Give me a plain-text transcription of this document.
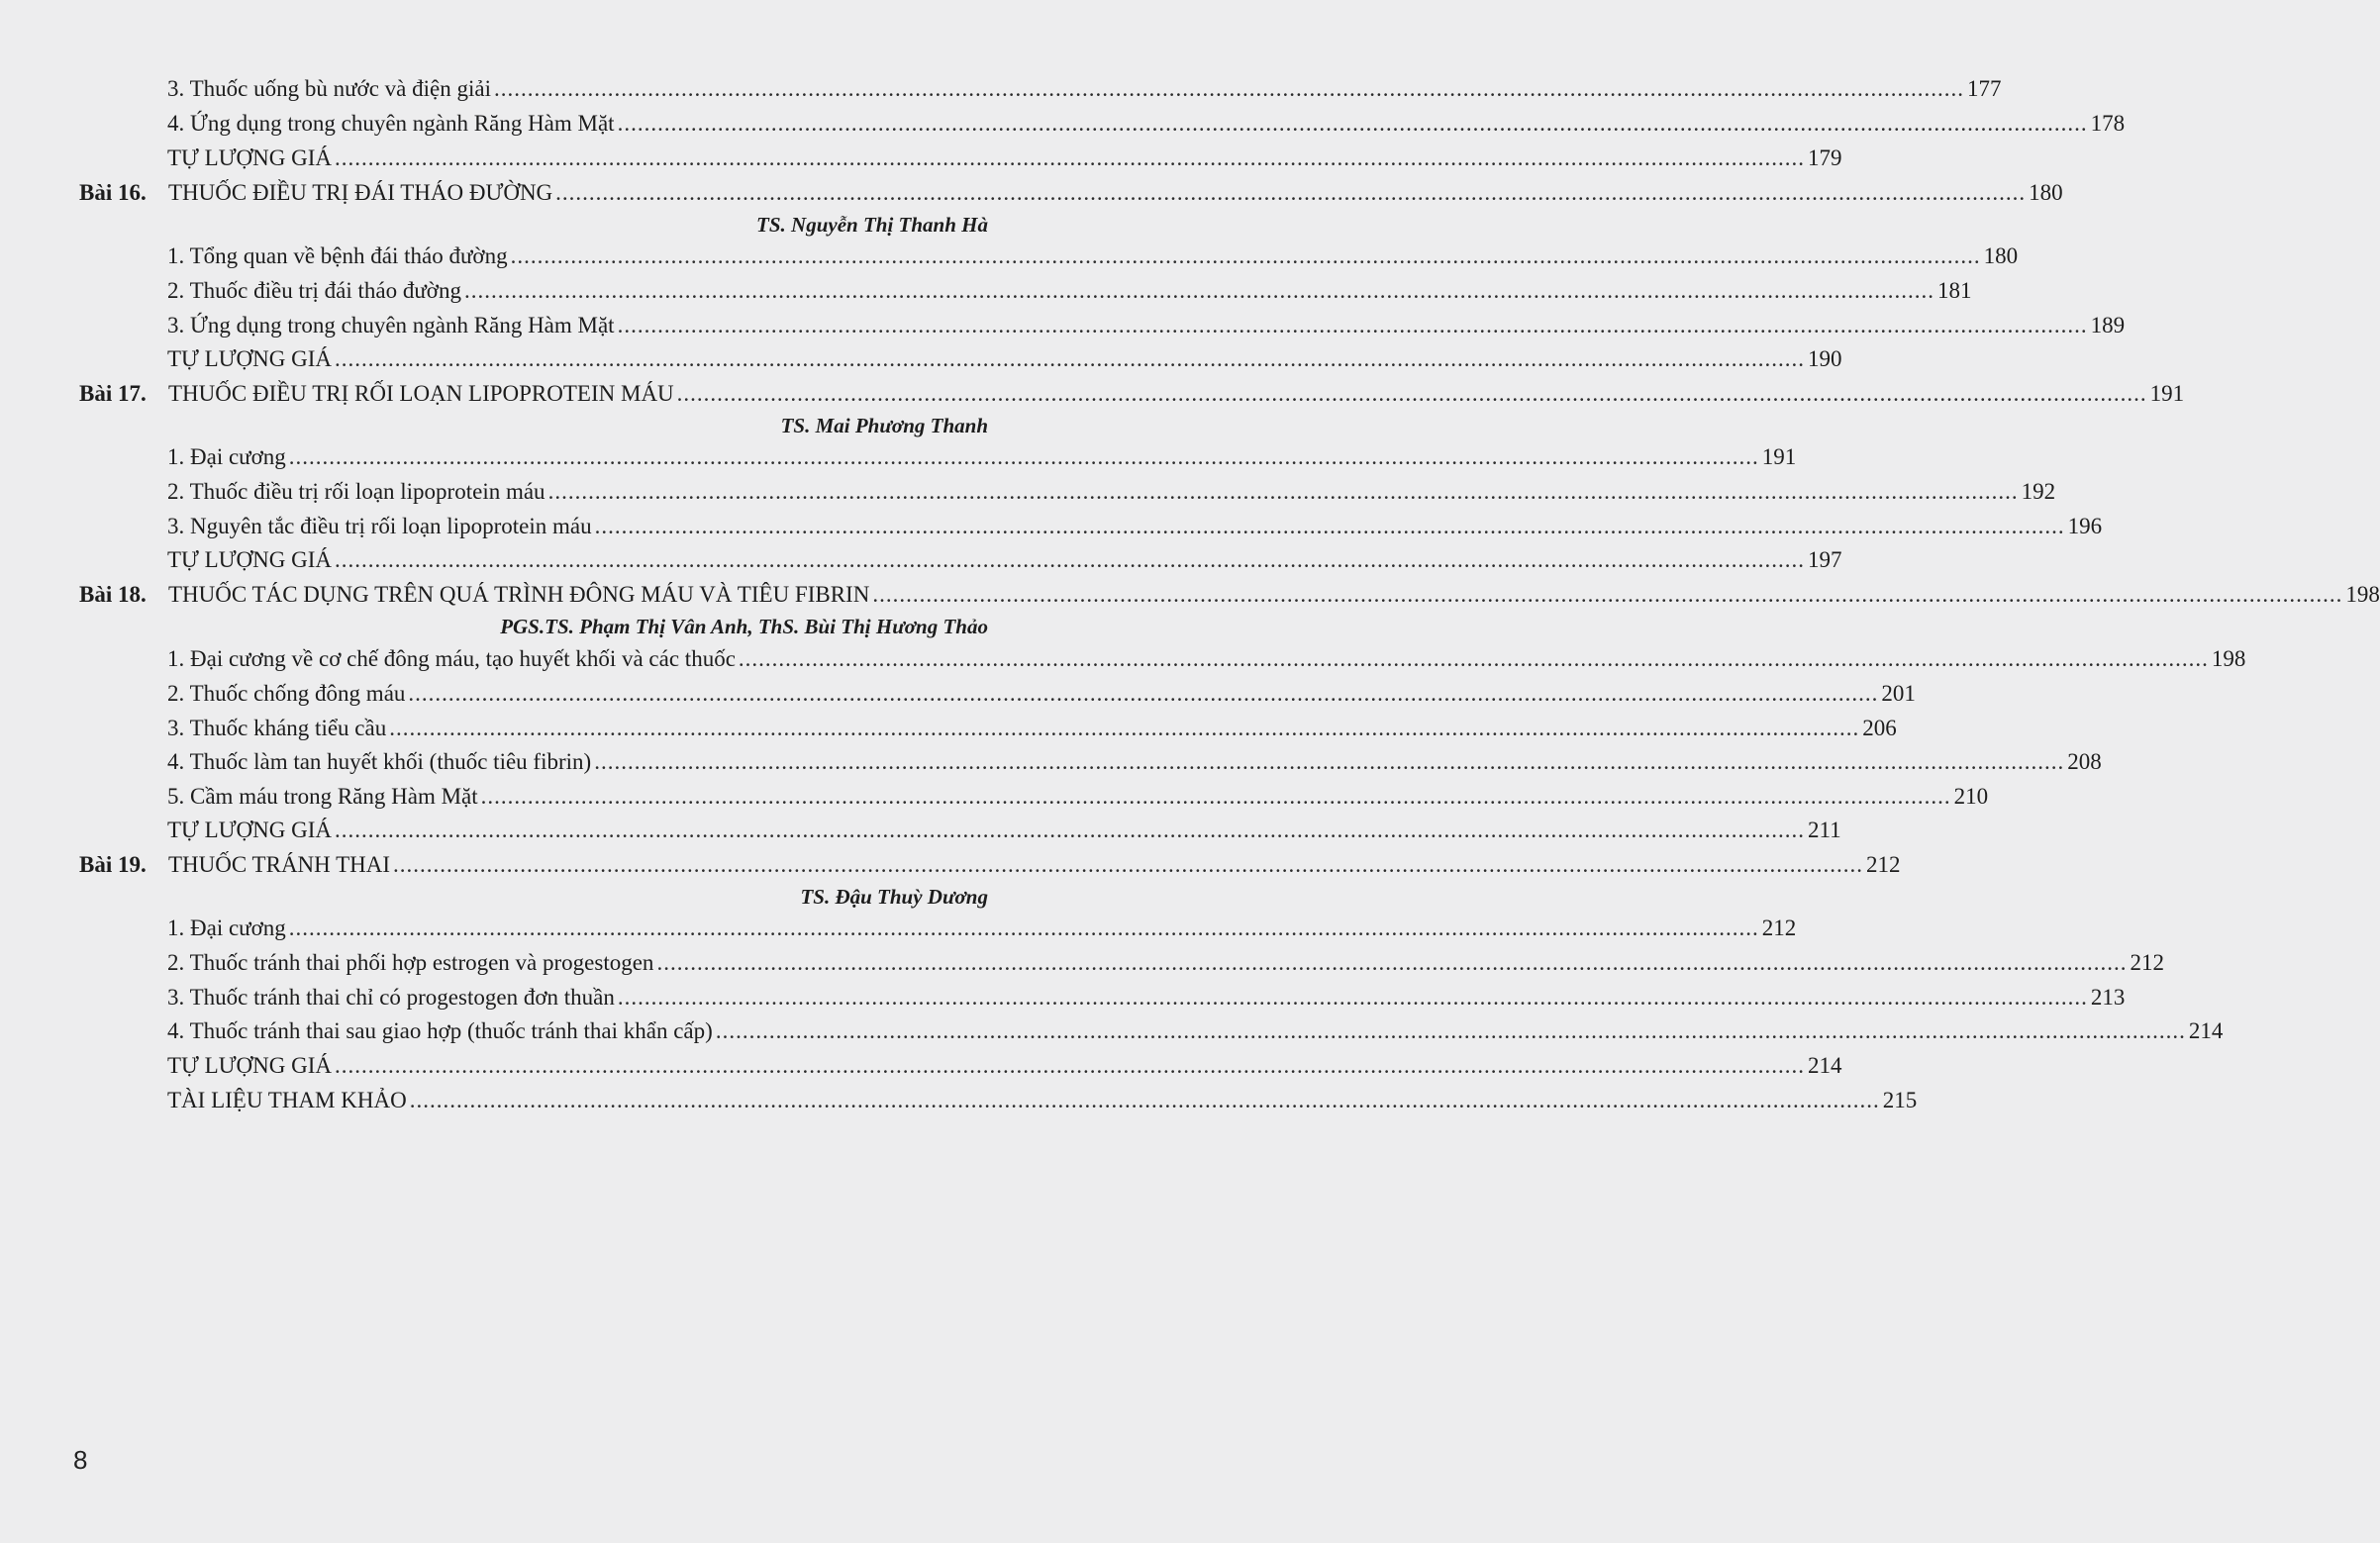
3. Thuốc uống bù nước và điện giải ............................................................................................................................................................................................................................ 177
4. Ứng dụng trong chuyên ngành Răng Hàm Mặt ............................................................................................................................................................................................................................ 178
TỰ LƯỢNG GIÁ ............................................................................................................................................................................................................................ 179
Bài 16. THUỐC ĐIỀU TRỊ ĐÁI THÁO ĐƯỜNG ............................................................................................................................................................................................................................ 180
TS. Nguyễn Thị Thanh Hà
1. Tổng quan về bệnh đái tháo đường ............................................................................................................................................................................................................................ 180
2. Thuốc điều trị đái tháo đường ............................................................................................................................................................................................................................ 181
3. Ứng dụng trong chuyên ngành Răng Hàm Mặt ............................................................................................................................................................................................................................ 189
TỰ LƯỢNG GIÁ ............................................................................................................................................................................................................................ 190
Bài 17. THUỐC ĐIỀU TRỊ RỐI LOẠN LIPOPROTEIN MÁU ............................................................................................................................................................................................................................ 191
TS. Mai Phương Thanh
1. Đại cương ............................................................................................................................................................................................................................ 191
2. Thuốc điều trị rối loạn lipoprotein máu ............................................................................................................................................................................................................................ 192
3. Nguyên tắc điều trị rối loạn lipoprotein máu ............................................................................................................................................................................................................................ 196
TỰ LƯỢNG GIÁ ............................................................................................................................................................................................................................ 197
Bài 18. THUỐC TÁC DỤNG TRÊN QUÁ TRÌNH ĐÔNG MÁU VÀ TIÊU FIBRIN ............................................................................................................................................................................................................................ 198
PGS.TS. Phạm Thị Vân Anh, ThS. Bùi Thị Hương Thảo
1. Đại cương về cơ chế đông máu, tạo huyết khối và các thuốc ............................................................................................................................................................................................................................ 198
2. Thuốc chống đông máu ............................................................................................................................................................................................................................ 201
3. Thuốc kháng tiểu cầu ............................................................................................................................................................................................................................ 206
4. Thuốc làm tan huyết khối (thuốc tiêu fibrin) ............................................................................................................................................................................................................................ 208
5. Cầm máu trong Răng Hàm Mặt ............................................................................................................................................................................................................................ 210
TỰ LƯỢNG GIÁ ............................................................................................................................................................................................................................ 211
Bài 19. THUỐC TRÁNH THAI ............................................................................................................................................................................................................................ 212
TS. Đậu Thuỳ Dương
1. Đại cương ............................................................................................................................................................................................................................ 212
2. Thuốc tránh thai phối hợp estrogen và progestogen ............................................................................................................................................................................................................................ 212
3. Thuốc tránh thai chỉ có progestogen đơn thuần ............................................................................................................................................................................................................................ 213
4. Thuốc tránh thai sau giao hợp (thuốc tránh thai khẩn cấp) ............................................................................................................................................................................................................................ 214
TỰ LƯỢNG GIÁ ............................................................................................................................................................................................................................ 214
TÀI LIỆU THAM KHẢO ............................................................................................................................................................................................................................ 215
8
